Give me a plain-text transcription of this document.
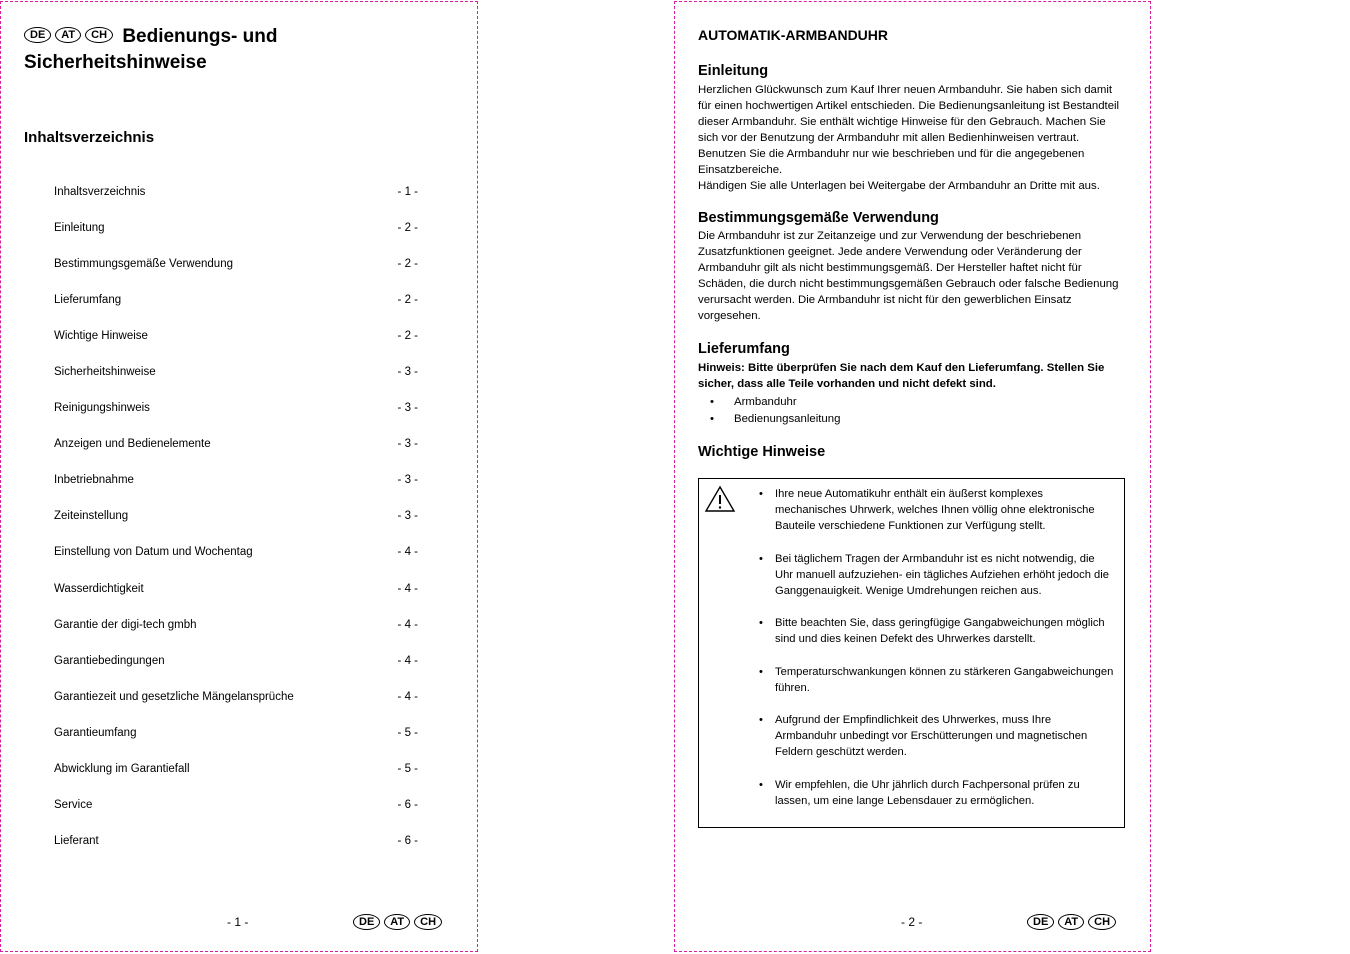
DE	AT	CH Bedienungs- und Sicherheitshinweise
Inhaltsverzeichnis
Inhaltsverzeichnis	- 1 -
Einleitung	- 2 -
Bestimmungsgemäße Verwendung	- 2 -
Lieferumfang	- 2 -
Wichtige Hinweise	- 2 -
Sicherheitshinweise	- 3 -
Reinigungshinweis	- 3 -
Anzeigen und Bedienelemente	- 3 -
Inbetriebnahme	- 3 -
Zeiteinstellung	- 3 -
Einstellung von Datum und Wochentag	- 4 -
Wasserdichtigkeit	- 4 -
Garantie der digi-tech gmbh	- 4 -
Garantiebedingungen	- 4 -
Garantiezeit und gesetzliche Mängelansprüche	- 4 -
Garantieumfang	- 5 -
Abwicklung im Garantiefall	- 5 -
Service	- 6 -
Lieferant	- 6 -
- 1 -	DE	AT	CH
AUTOMATIK-ARMBANDUHR
Einleitung

Herzlichen Glückwunsch zum Kauf Ihrer neuen Armbanduhr. Sie haben sich damit für einen hochwertigen Artikel entschieden. Die Bedienungsanleitung ist Bestandteil dieser Armbanduhr. Sie enthält wichtige Hinweise für den Gebrauch. Machen Sie sich vor der Benutzung der Armbanduhr mit allen Bedienhinweisen vertraut. Benutzen Sie die Armbanduhr nur wie beschrieben und für die angegebenen Einsatzbereiche.

Händigen Sie alle Unterlagen bei Weitergabe der Armbanduhr an Dritte mit aus.

Bestimmungsgemäße Verwendung

Die Armbanduhr ist zur Zeitanzeige und zur Verwendung der beschriebenen Zusatzfunktionen geeignet. Jede andere Verwendung oder Veränderung der Armbanduhr gilt als nicht bestimmungsgemäß. Der Hersteller haftet nicht für Schäden, die durch nicht bestimmungsgemäßen Gebrauch oder falsche Bedienung verursacht werden. Die Armbanduhr ist nicht für den gewerblichen Einsatz vorgesehen.

Lieferumfang

Hinweis: Bitte überprüfen Sie nach dem Kauf den Lieferumfang. Stellen Sie sicher, dass alle Teile vorhanden und nicht defekt sind.

• Armbanduhr
• Bedienungsanleitung
Wichtige Hinweise
• Ihre neue Automatikuhr enthält ein äußerst komplexes mechanisches Uhrwerk, welches Ihnen völlig ohne elektronische Bauteile verschiedene Funktionen zur Verfügung stellt.
• Bei täglichem Tragen der Armbanduhr ist es nicht notwendig, die Uhr manuell aufzuziehen- ein tägliches Aufziehen erhöht jedoch die Ganggenauigkeit. Wenige Umdrehungen reichen aus.
• Bitte beachten Sie, dass geringfügige Gangabweichungen möglich sind und dies keinen Defekt des Uhrwerkes darstellt.
• Temperaturschwankungen können zu stärkeren Gangabweichungen führen.
• Aufgrund der Empfindlichkeit des Uhrwerkes, muss Ihre Armbanduhr unbedingt vor Erschütterungen und magnetischen Feldern geschützt werden.
• Wir empfehlen, die Uhr jährlich durch Fachpersonal prüfen zu lassen, um eine lange Lebensdauer zu ermöglichen.
- 2 -	DE	AT	CH
